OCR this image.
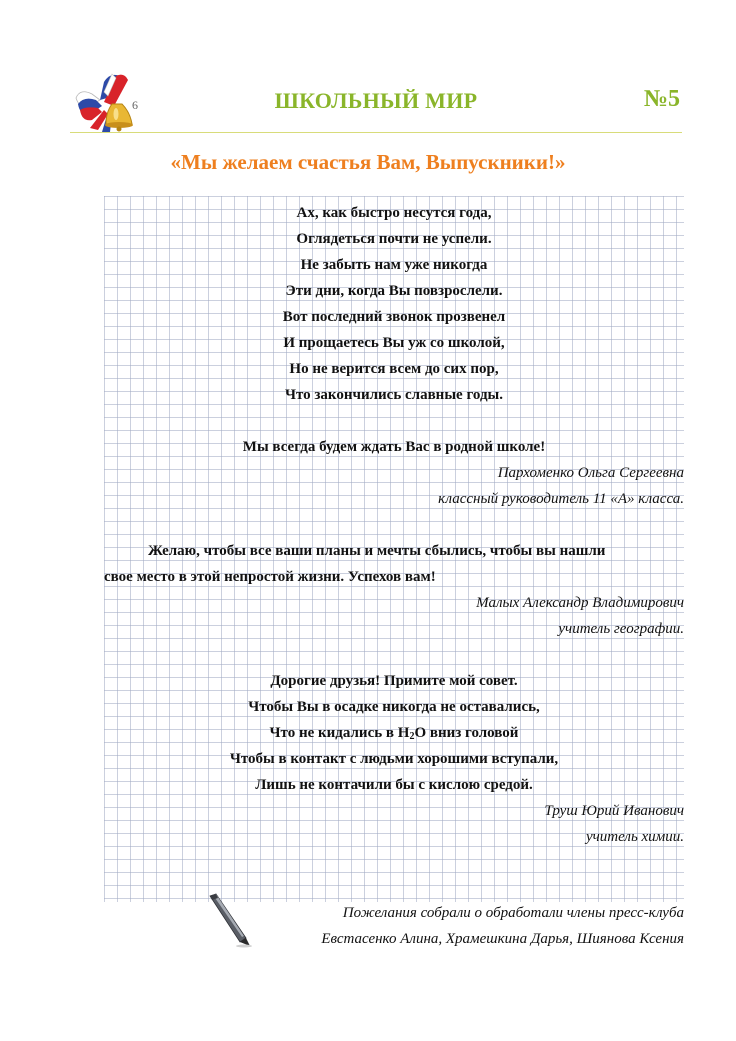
6	ШКОЛЬНЫЙ МИР	№5
«Мы желаем счастья Вам, Выпускники!»
Ах, как быстро несутся года,
Оглядеться почти не успели.
Не забыть нам уже никогда
Эти дни, когда Вы повзрослели.
Вот последний звонок прозвенел
И прощаетесь Вы уж со школой,
Но не верится всем до сих пор,
Что закончились славные годы.
Мы всегда будем ждать Вас в родной школе!
Пархоменко Ольга Сергеевна
классный руководитель 11 «А» класса.
Желаю, чтобы все ваши планы и мечты сбылись, чтобы вы нашли
свое место в этой непростой жизни. Успехов вам!
Малых Александр Владимирович
учитель географии.
Дорогие друзья! Примите мой совет.
Чтобы Вы в осадке никогда не оставались,
Что не кидались в $H_2O$ вниз головой
Чтобы в контакт с людьми хорошими вступали,
Лишь не контачили бы с кислою средой.
Труш Юрий Иванович
учитель химии.
Пожелания собрали о обработали члены пресс-клуба
Евстасенко Алина, Храмешкина Дарья, Шиянова Ксения
